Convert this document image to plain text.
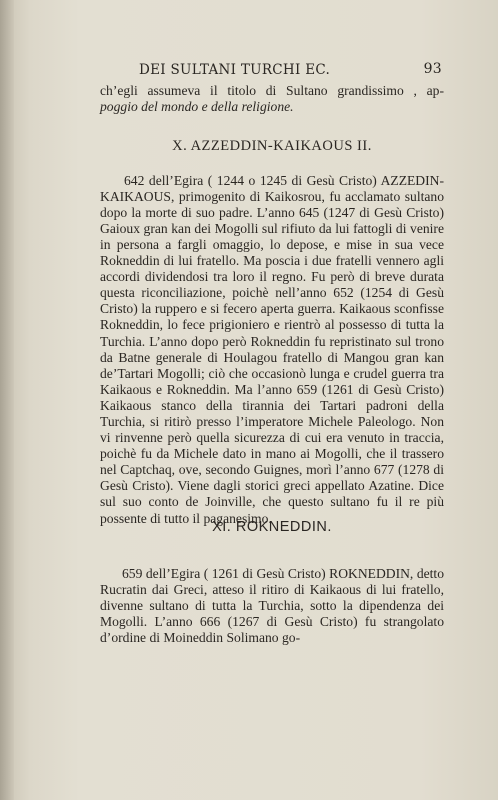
DEI SULTANI TURCHI EC.	93
ch’egli assumeva il titolo di Sultano grandissimo , ap-
poggio del mondo e della religione.
X. AZZEDDIN-KAIKAOUS II.

642 dell’Egira ( 1244 o 1245 di Gesù Cristo) AZZEDIN-KAIKAOUS, primogenito di Kaikosrou, fu acclamato sultano dopo la morte di suo padre. L’anno 645 (1247 di Gesù Cristo) Gaioux gran kan dei Mogolli sul rifiuto da lui fattogli di venire in persona a fargli omaggio, lo depose, e mise in sua vece Rokneddin di lui fratello. Ma poscia i due fratelli vennero agli accordi dividendosi tra loro il regno. Fu però di breve durata questa riconciliazione, poichè nell’anno 652 (1254 di Gesù Cristo) la ruppero e si fecero aperta guerra. Kaikaous sconfisse Rokneddin, lo fece prigioniero e rientrò al possesso di tutta la Turchia. L’anno dopo però Rokneddin fu repristinato sul trono da Batne generale di Houlagou fratello di Mangou gran kan de’Tartari Mogolli; ciò che occasionò lunga e crudel guerra tra Kaikaous e Rokneddin. Ma l’anno 659 (1261 di Gesù Cristo) Kaikaous stanco della tirannia dei Tartari padroni della Turchia, si ritirò presso l’imperatore Michele Paleologo. Non vi rinvenne però quella sicurezza di cui era venuto in traccia, poichè fu da Michele dato in mano ai Mogolli, che il trassero nel Captchaq, ove, secondo Guignes, morì l’anno 677 (1278 di Gesù Cristo). Viene dagli storici greci appellato Azatine. Dice sul suo conto de Joinville, che questo sultano fu il re più possente di tutto il paganesimo.

XI. ROKNEDDIN.

659 dell’Egira ( 1261 di Gesù Cristo) ROKNEDDIN, detto Rucratin dai Greci, atteso il ritiro di Kaikaous di lui fratello, divenne sultano di tutta la Turchia, sotto la dipendenza dei Mogolli. L’anno 666 (1267 di Gesù Cristo) fu strangolato d’ordine di Moineddin Solimano go-
